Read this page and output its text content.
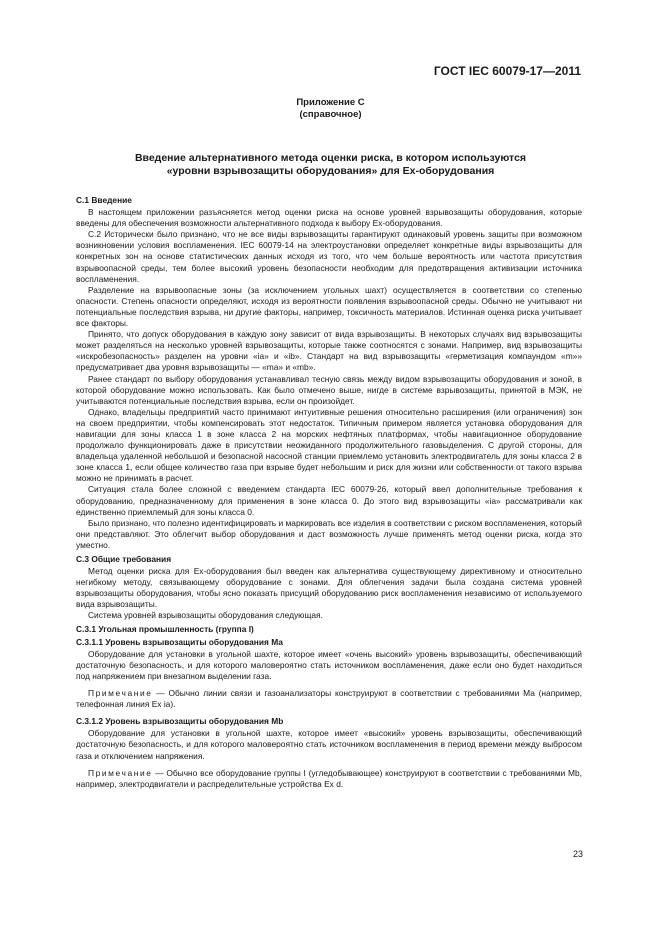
ГОСТ IEC 60079-17—2011
Приложение С
(справочное)
Введение альтернативного метода оценки риска, в котором используются
«уровни взрывозащиты оборудования» для Ех-оборудования

С.1 Введение

В настоящем приложении разъясняется метод оценки риска на основе уровней взрывозащиты оборудования, которые введены для обеспечения возможности альтернативного подхода к выбору Ех-оборудования.

С.2 Исторически было признано, что не все виды взрывозащиты гарантируют одинаковый уровень защиты при возможном возникновении условия воспламенения. IEC 60079-14 на электроустановки определяет конкретные виды взрывозащиты для конкретных зон на основе статистических данных исходя из того, что чем больше вероятность или частота присутствия взрывоопасной среды, тем более высокий уровень безопасности необходим для предотвращения активизации источника воспламенения.

Разделение на взрывоопасные зоны (за исключением угольных шахт) осуществляется в соответствии со степенью опасности. Степень опасности определяют, исходя из вероятности появления взрывоопасной среды. Обычно не учитывают ни потенциальные последствия взрыва, ни другие факторы, например, токсичность материалов. Истинная оценка риска учитывает все факторы.

Принято, что допуск оборудования в каждую зону зависит от вида взрывозащиты. В некоторых случаях вид взрывозащиты может разделяться на несколько уровней взрывозащиты, которые также соотносятся с зонами. Например, вид взрывозащиты «искробезопасность» разделен на уровни «ia» и «ib». Стандарт на вид взрывозащиты «герметизация компаундом «m»» предусматривает два уровня взрывозащиты — «ma» и «mb».

Ранее стандарт по выбору оборудования устанавливал тесную связь между видом взрывозащиты оборудования и зоной, в которой оборудование можно использовать. Как было отмечено выше, нигде в системе взрывозащиты, принятой в МЭК, не учитываются потенциальные последствия взрыва, если он произойдет.

Однако, владельцы предприятий часто принимают интуитивные решения относительно расширения (или ограничения) зон на своем предприятии, чтобы компенсировать этот недостаток. Типичным примером является установка оборудования для навигации для зоны класса 1 в зоне класса 2 на морских нефтяных платформах, чтобы навигационное оборудование продолжало функционировать даже в присутствии неожиданного продолжительного газовыделения. С другой стороны, для владельца удаленной небольшой и безопасной насосной станции приемлемо установить электродвигатель для зоны класса 2 в зоне класса 1, если общее количество газа при взрыве будет небольшим и риск для жизни или собственности от такого взрыва можно не принимать в расчет.

Ситуация стала более сложной с введением стандарта IEC 60079-26, который ввел дополнительные требования к оборудованию, предназначенному для применения в зоне класса 0. До этого вид взрывозащиты «ia» рассматривали как единственно приемлемый для зоны класса 0.

Было признано, что полезно идентифицировать и маркировать все изделия в соответствии с риском воспламенения, который они представляют. Это облегчит выбор оборудования и даст возможность лучше применять метод оценки риска, когда это уместно.

С.3 Общие требования

Метод оценки риска для Ех-оборудования был введен как альтернатива существующему директивному и относительно негибкому методу, связывающему оборудование с зонами. Для облегчения задачи была создана система уровней взрывозащиты оборудования, чтобы ясно показать присущий оборудованию риск воспламенения независимо от используемого вида взрывозащиты.

Система уровней взрывозащиты оборудования следующая.

С.3.1 Угольная промышленность (группа I)

С.3.1.1 Уровень взрывозащиты оборудования Ма

Оборудование для установки в угольной шахте, которое имеет «очень высокий» уровень взрывозащиты, обеспечивающий достаточную безопасность, и для которого маловероятно стать источником воспламенения, даже если оно будет находиться под напряжением при внезапном выделении газа.

Примечание — Обычно линии связи и газоанализаторы конструируют в соответствии с требованиями Ма (например, телефонная линия Ех ia).

С.3.1.2 Уровень взрывозащиты оборудования Mb

Оборудование для установки в угольной шахте, которое имеет «высокий» уровень взрывозащиты, обеспечивающий достаточную безопасность, и для которого маловероятно стать источником воспламенения в период времени между выбросом газа и отключением напряжения.

Примечание — Обычно все оборудование группы I (угледобывающее) конструируют в соответствии с требованиями Mb, например, электродвигатели и распределительные устройства Ех d.

23
